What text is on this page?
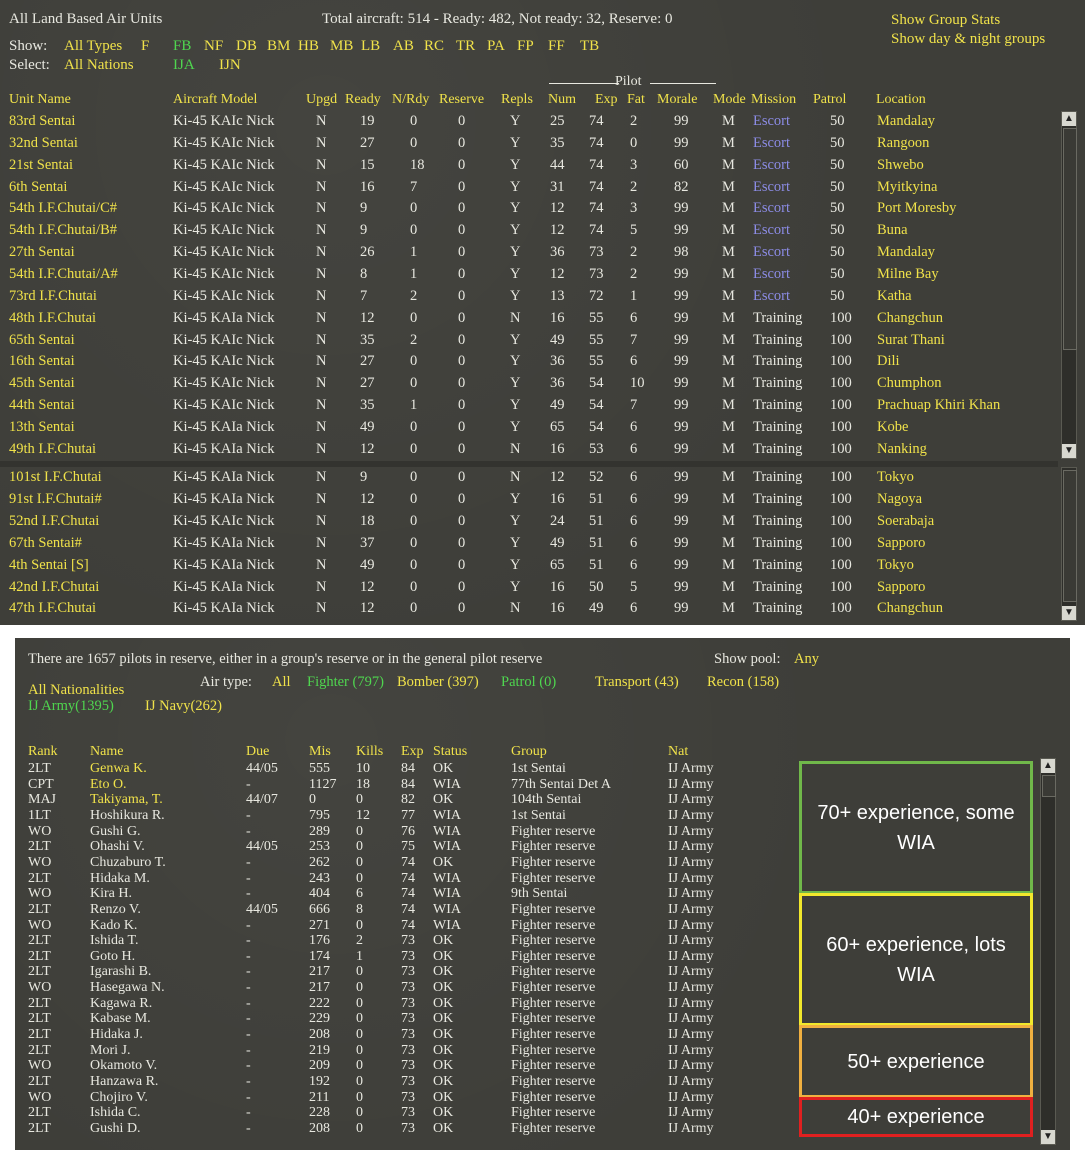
All Land Based Air Units	Total aircraft: 514 - Ready: 482, Not ready: 32, Reserve: 0	Show Group Stats
Show day & night groups
Show: All Types F FB NF DB BM HB MB LB AB RC TR PA FP FF TB
Select: All Nations	IJA IJN
Pilot
Unit Name	Aircraft Model	Upgd Ready N/Rdy Reserve Repls Num Exp Fat Morale Mode Mission Patrol Location
83rd Sentai	Ki-45 KAIc Nick	N 19 0	0	Y 25 74 2	99 M Escort	50 Mandalay
32nd Sentai	Ki-45 KAIc Nick	N 27 0	0	Y 35 74 0	99 M Escort	50 Rangoon
21st Sentai	Ki-45 KAIc Nick	N 15 18 0	Y 44 74 3	60 M Escort	50 Shwebo
6th Sentai	Ki-45 KAIc Nick	N 16 7	0	Y 31 74 2	82 M Escort	50 Myitkyina
54th I.F.Chutai/C#	Ki-45 KAIc Nick	N 9	0	0	Y 12 74 3	99 M Escort	50 Port Moresby
54th I.F.Chutai/B#	Ki-45 KAIc Nick	N 9	0	0	Y 12 74 5	99 M Escort	50 Buna
27th Sentai	Ki-45 KAIc Nick	N 26 1	0	Y 36 73 2	98 M Escort	50 Mandalay
54th I.F.Chutai/A#	Ki-45 KAIc Nick	N 8	1	0	Y 12 73 2	99 M Escort	50 Milne Bay
73rd I.F.Chutai	Ki-45 KAIc Nick	N 7	2	0	Y 13 72 1	99 M Escort	50 Katha
48th I.F.Chutai	Ki-45 KAIa Nick	N 12 0	0	N 16 55 6	99 M Training 100 Changchun
65th Sentai	Ki-45 KAIc Nick	N 35 2	0	Y 49 55 7	99 M Training 100 Surat Thani
16th Sentai	Ki-45 KAIc Nick	N 27 0	0	Y 36 55 6	99 M Training 100 Dili
45th Sentai	Ki-45 KAIc Nick	N 27 0	0	Y 36 54 10 99 M Training 100 Chumphon
44th Sentai	Ki-45 KAIc Nick	N 35 1	0	Y 49 54 7	99 M Training 100 Prachuap Khiri Khan
13th Sentai	Ki-45 KAIa Nick	N 49 0	0	Y 65 54 6	99 M Training 100 Kobe
49th I.F.Chutai	Ki-45 KAIa Nick	N 12 0	0	N 16 53 6	99 M Training 100 Nanking
101st I.F.Chutai	Ki-45 KAIa Nick	N 9	0	0	N 12 52 6	99 M Training 100 Tokyo
91st I.F.Chutai#	Ki-45 KAIa Nick	N 12 0	0	Y 16 51 6	99 M Training 100 Nagoya
52nd I.F.Chutai	Ki-45 KAIc Nick	N 18 0	0	Y 24 51 6	99 M Training 100 Soerabaja
67th Sentai#	Ki-45 KAIa Nick	N 37 0	0	Y 49 51 6	99 M Training 100 Sapporo
4th Sentai [S]	Ki-45 KAIa Nick	N 49 0	0	Y 65 51 6	99 M Training 100 Tokyo
42nd I.F.Chutai	Ki-45 KAIa Nick	N 12 0	0	Y 16 50 5	99 M Training 100 Sapporo
47th I.F.Chutai	Ki-45 KAIa Nick	N 12 0	0	N 16 49 6	99 M Training 100 Changchun
▲
▼
▼
There are 1657 pilots in reserve, either in a group's reserve or in the general pilot reserve	Show pool: Any
All Nationalities	Air type: All Fighter (797) Bomber (397) Patrol (0)	Transport (43) Recon (158)
IJ Army(1395) IJ Navy(262)
Rank Name	Due	Mis Kills Exp Status	Group	Nat
2LT	Genwa K.	44/05 555 10 84 OK	1st Sentai	IJ Army
CPT	Eto O.	-	1127 18 84 WIA	77th Sentai Det A	IJ Army
MAJ Takiyama, T.	44/07 0	0	82 OK	104th Sentai	IJ Army
1LT	Hoshikura R.	-	795 12 77 WIA	1st Sentai	IJ Army
WO	Gushi G.	-	289 0	76 WIA	Fighter reserve	IJ Army
2LT	Ohashi V.	44/05 253 0	75 WIA	Fighter reserve	IJ Army
WO	Chuzaburo T.	-	262 0	74 OK	Fighter reserve	IJ Army
2LT	Hidaka M.	-	243 0	74 WIA	Fighter reserve	IJ Army
WO	Kira H.	-	404 6	74 WIA	9th Sentai	IJ Army
2LT	Renzo V.	44/05 666 8	74 WIA	Fighter reserve	IJ Army
WO	Kado K.	-	271 0	74 WIA	Fighter reserve	IJ Army
2LT	Ishida T.	-	176 2	73 OK	Fighter reserve	IJ Army
2LT	Goto H.	-	174 1	73 OK	Fighter reserve	IJ Army
2LT	Igarashi B.	-	217 0	73 OK	Fighter reserve	IJ Army
WO	Hasegawa N.	-	217 0	73 OK	Fighter reserve	IJ Army
2LT	Kagawa R.	-	222 0	73 OK	Fighter reserve	IJ Army
2LT	Kabase M.	-	229 0	73 OK	Fighter reserve	IJ Army
2LT	Hidaka J.	-	208 0	73 OK	Fighter reserve	IJ Army
2LT	Mori J.	-	219 0	73 OK	Fighter reserve	IJ Army
WO	Okamoto V.	-	209 0	73 OK	Fighter reserve	IJ Army
2LT	Hanzawa R.	-	192 0	73 OK	Fighter reserve	IJ Army
WO	Chojiro V.	-	211 0	73 OK	Fighter reserve	IJ Army
2LT	Ishida C.	-	228 0	73 OK	Fighter reserve	IJ Army
2LT	Gushi D.	-	208 0	73 OK	Fighter reserve	IJ Army
70+ experience, some WIA
60+ experience, lots WIA
50+ experience
40+ experience
▲
▼
